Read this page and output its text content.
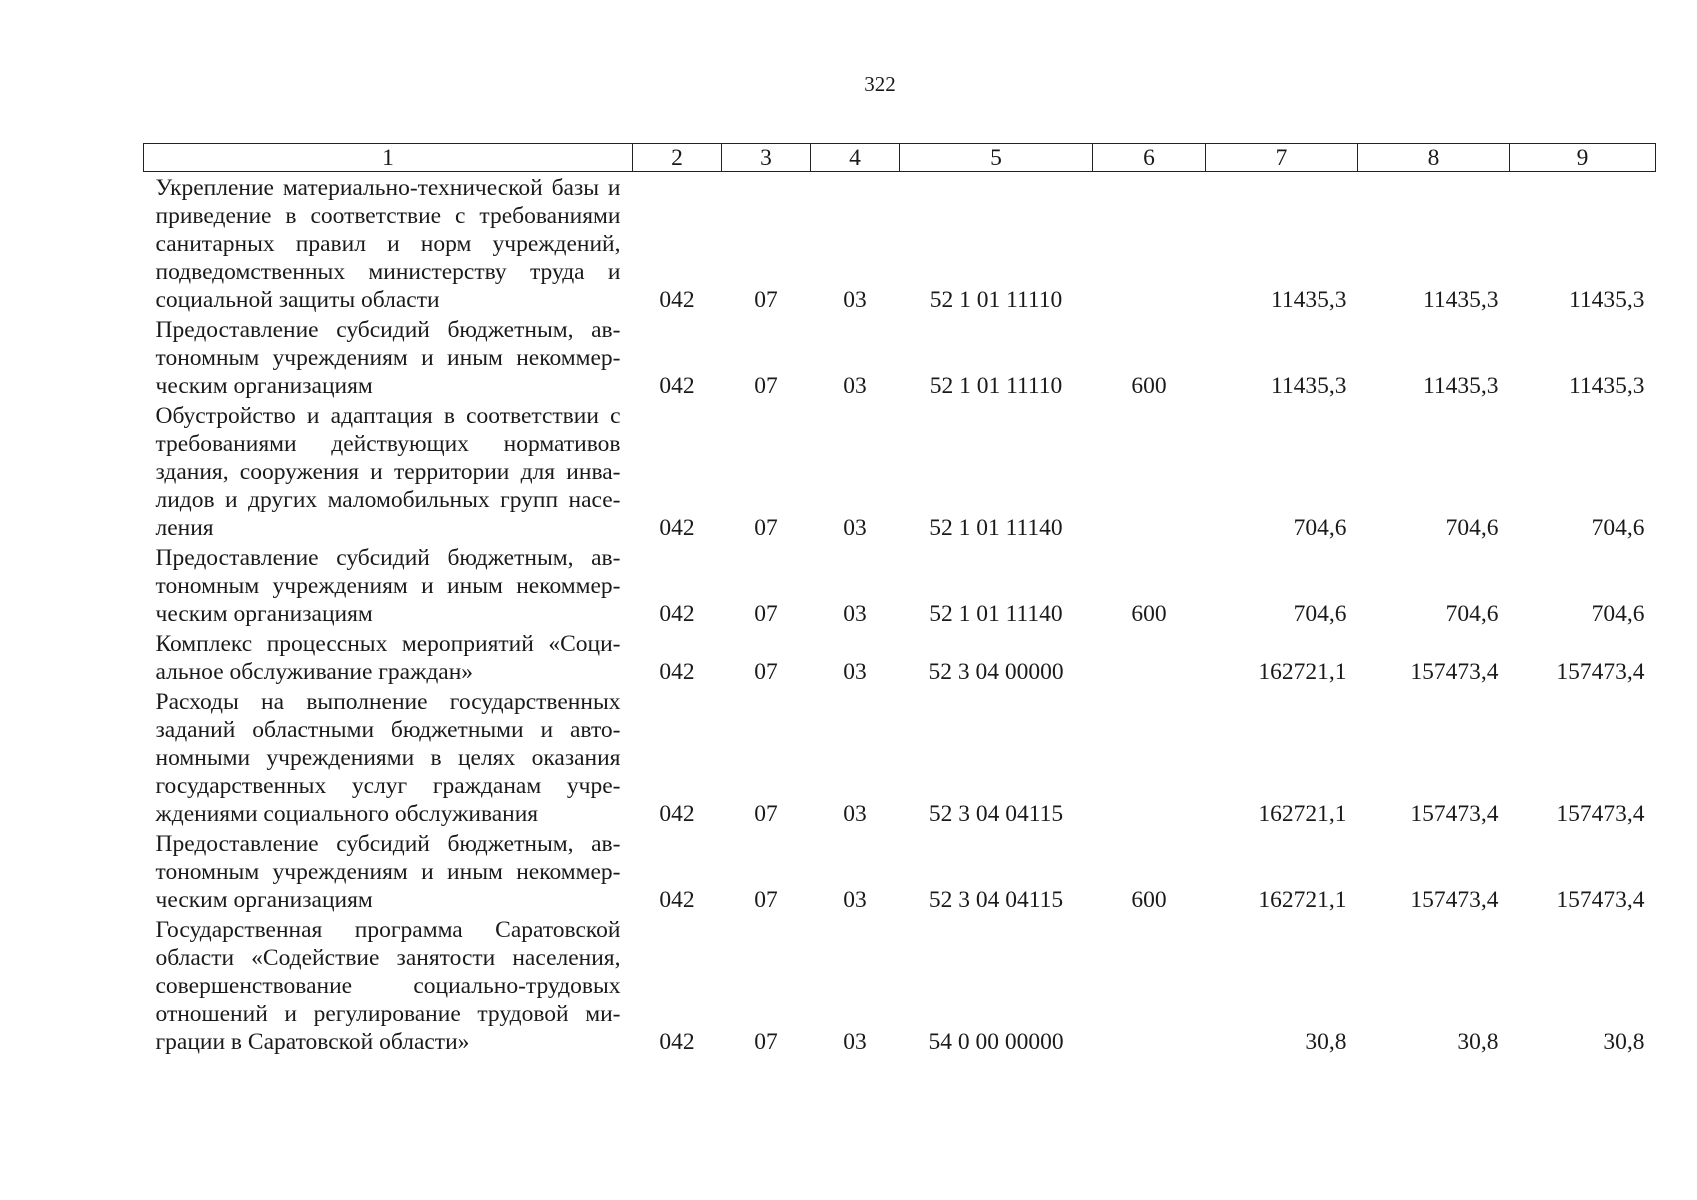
322
1	2	3	4	5	6	7	8	9
Укрепление материально-технической базы и приведение в соответствие с требованиями санитарных правил и норм учреждений, подведомственных министерству труда и социальной защиты области	042	07	03	52 1 01 11110		11435,3	11435,3	11435,3
Предоставление субсидий бюджетным, автономным учреждениям и иным некоммерческим организациям	042	07	03	52 1 01 11110	600	11435,3	11435,3	11435,3
Обустройство и адаптация в соответствии с требованиями действующих нормативов здания, сооружения и территории для инвалидов и других маломобильных групп населения	042	07	03	52 1 01 11140		704,6	704,6	704,6
Предоставление субсидий бюджетным, автономным учреждениям и иным некоммерческим организациям	042	07	03	52 1 01 11140	600	704,6	704,6	704,6
Комплекс процессных мероприятий «Социальное обслуживание граждан»	042	07	03	52 3 04 00000		162721,1	157473,4	157473,4
Расходы на выполнение государственных заданий областными бюджетными и автономными учреждениями в целях оказания государственных услуг гражданам учреждениями социального обслуживания	042	07	03	52 3 04 04115		162721,1	157473,4	157473,4
Предоставление субсидий бюджетным, автономным учреждениям и иным некоммерческим организациям	042	07	03	52 3 04 04115	600	162721,1	157473,4	157473,4
Государственная программа Саратовской области «Содействие занятости населения, совершенствование социально-трудовых отношений и регулирование трудовой миграции в Саратовской области»	042	07	03	54 0 00 00000		30,8	30,8	30,8
